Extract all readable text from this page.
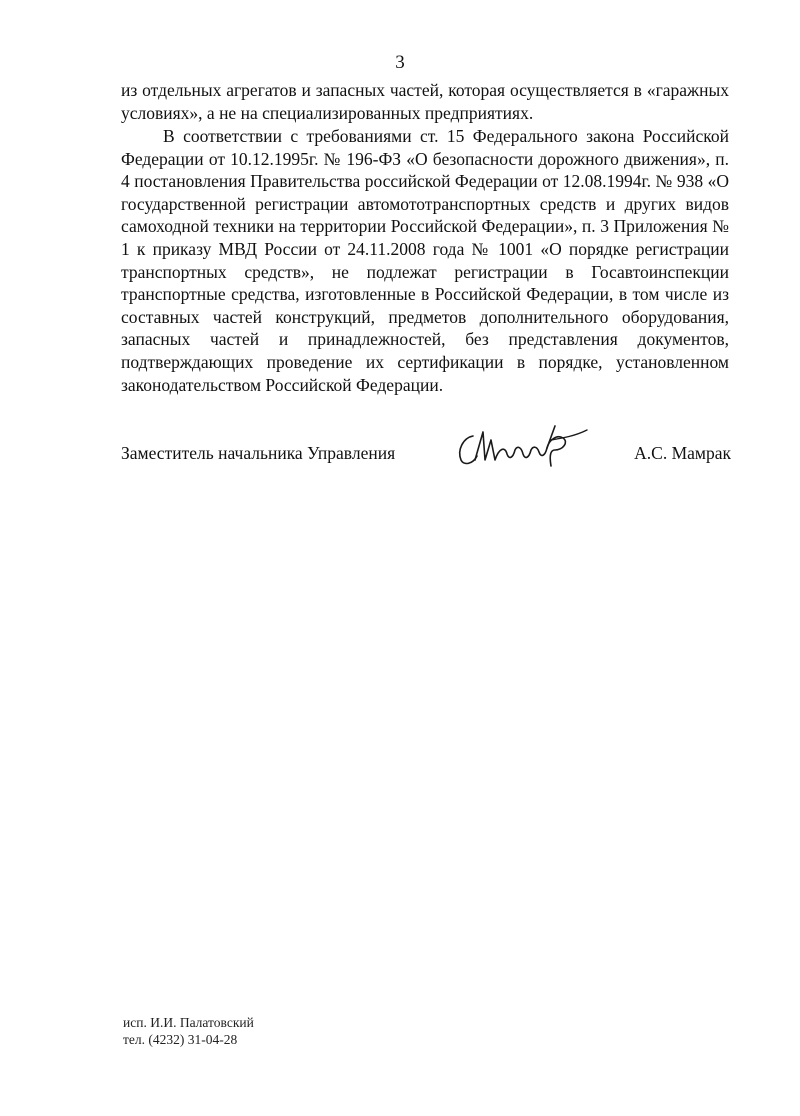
3

из отдельных агрегатов и запасных частей, которая осуществляется в «гаражных условиях», а не на специализированных предприятиях.

В соответствии с требованиями ст. 15 Федерального закона Российской Федерации от 10.12.1995г. № 196-ФЗ «О безопасности дорожного движения», п. 4 постановления Правительства российской Федерации от 12.08.1994г. № 938 «О государственной регистрации автомототранспортных средств и других видов самоходной техники на территории Российской Федерации», п. 3 Приложения № 1 к приказу МВД России от 24.11.2008 года № 1001 «О порядке регистрации транспортных средств», не подлежат регистрации в Госавтоинспекции транспортные средства, изготовленные в Российской Федерации, в том числе из составных частей конструкций, предметов дополнительного оборудования, запасных частей и принадлежностей, без представления документов, подтверждающих проведение их сертификации в порядке, установленном законодательством Российской Федерации.

Заместитель начальника Управления	А.С. Мамрак
исп. И.И. Палатовский
тел. (4232) 31-04-28
